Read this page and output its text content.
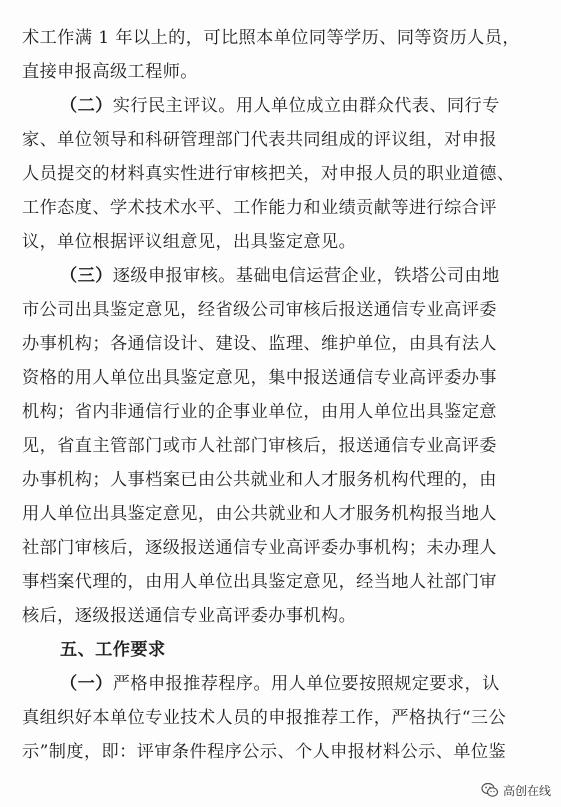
术工作满 1 年以上的，可比照本单位同等学历、同等资历人员，
直接申报高级工程师。
（二）实行民主评议。用人单位成立由群众代表、同行专
家、单位领导和科研管理部门代表共同组成的评议组，对申报
人员提交的材料真实性进行审核把关，对申报人员的职业道德、
工作态度、学术技术水平、工作能力和业绩贡献等进行综合评
议，单位根据评议组意见，出具鉴定意见。
（三）逐级申报审核。基础电信运营企业，铁塔公司由地
市公司出具鉴定意见，经省级公司审核后报送通信专业高评委
办事机构；各通信设计、建设、监理、维护单位，由具有法人
资格的用人单位出具鉴定意见，集中报送通信专业高评委办事
机构；省内非通信行业的企事业单位，由用人单位出具鉴定意
见，省直主管部门或市人社部门审核后，报送通信专业高评委
办事机构；人事档案已由公共就业和人才服务机构代理的，由
用人单位出具鉴定意见，由公共就业和人才服务机构报当地人
社部门审核后，逐级报送通信专业高评委办事机构；未办理人
事档案代理的，由用人单位出具鉴定意见，经当地人社部门审
核后，逐级报送通信专业高评委办事机构。
五、工作要求
（一）严格申报推荐程序。用人单位要按照规定要求，认
真组织好本单位专业技术人员的申报推荐工作，严格执行“三公
示”制度，即：评审条件程序公示、个人申报材料公示、单位鉴
高创在线
